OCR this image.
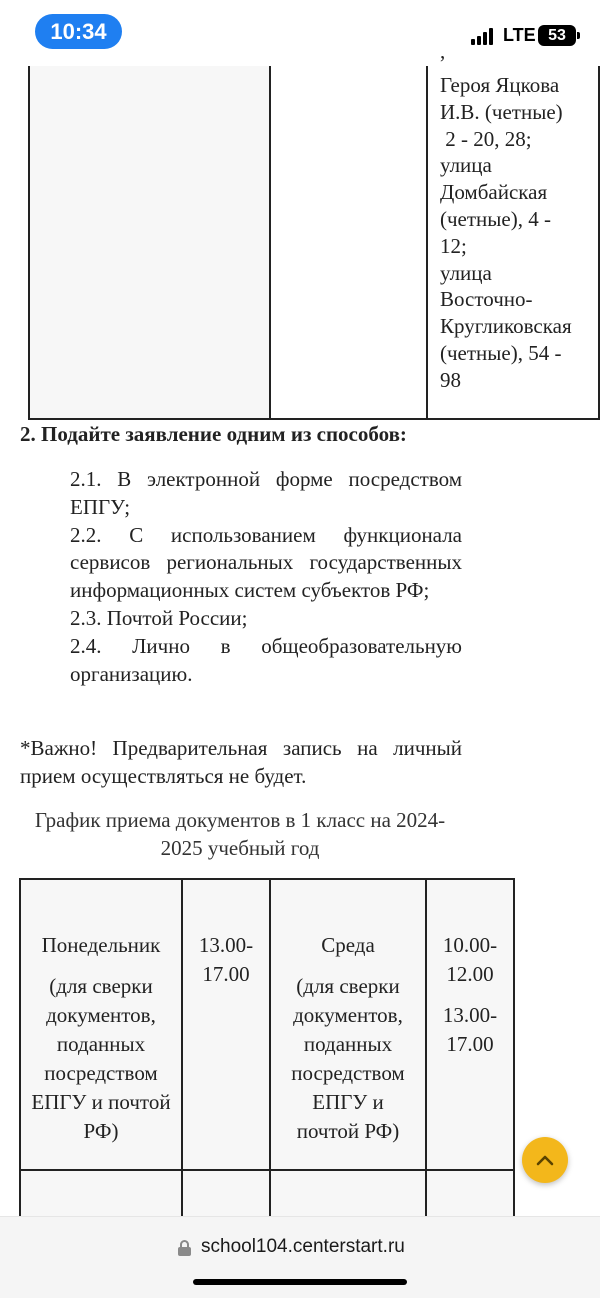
10:34	LTE 53
,
Героя Яцкова
И.В. (четные)
2 - 20, 28;
улица
Домбайская
(четные), 4 -
12;
улица
Восточно-
Кругликовская
(четные), 54 -
98
2. Подайте заявление одним из способов:
2.1. В электронной форме посредством ЕПГУ;
2.2. С использованием функционала сервисов региональных государственных информационных систем субъектов РФ;
2.3. Почтой России;
2.4. Лично в общеобразовательную организацию.
*Важно! Предварительная запись на личный прием осуществляться не будет.
График приема документов в 1 класс на 2024-2025 учебный год
Понедельник
(для сверки документов, поданных посредством ЕПГУ и почтой РФ)
13.00-17.00
Среда
(для сверки документов, поданных посредством ЕПГУ и почтой РФ)
10.00-12.00
13.00-17.00
school104.centerstart.ru
